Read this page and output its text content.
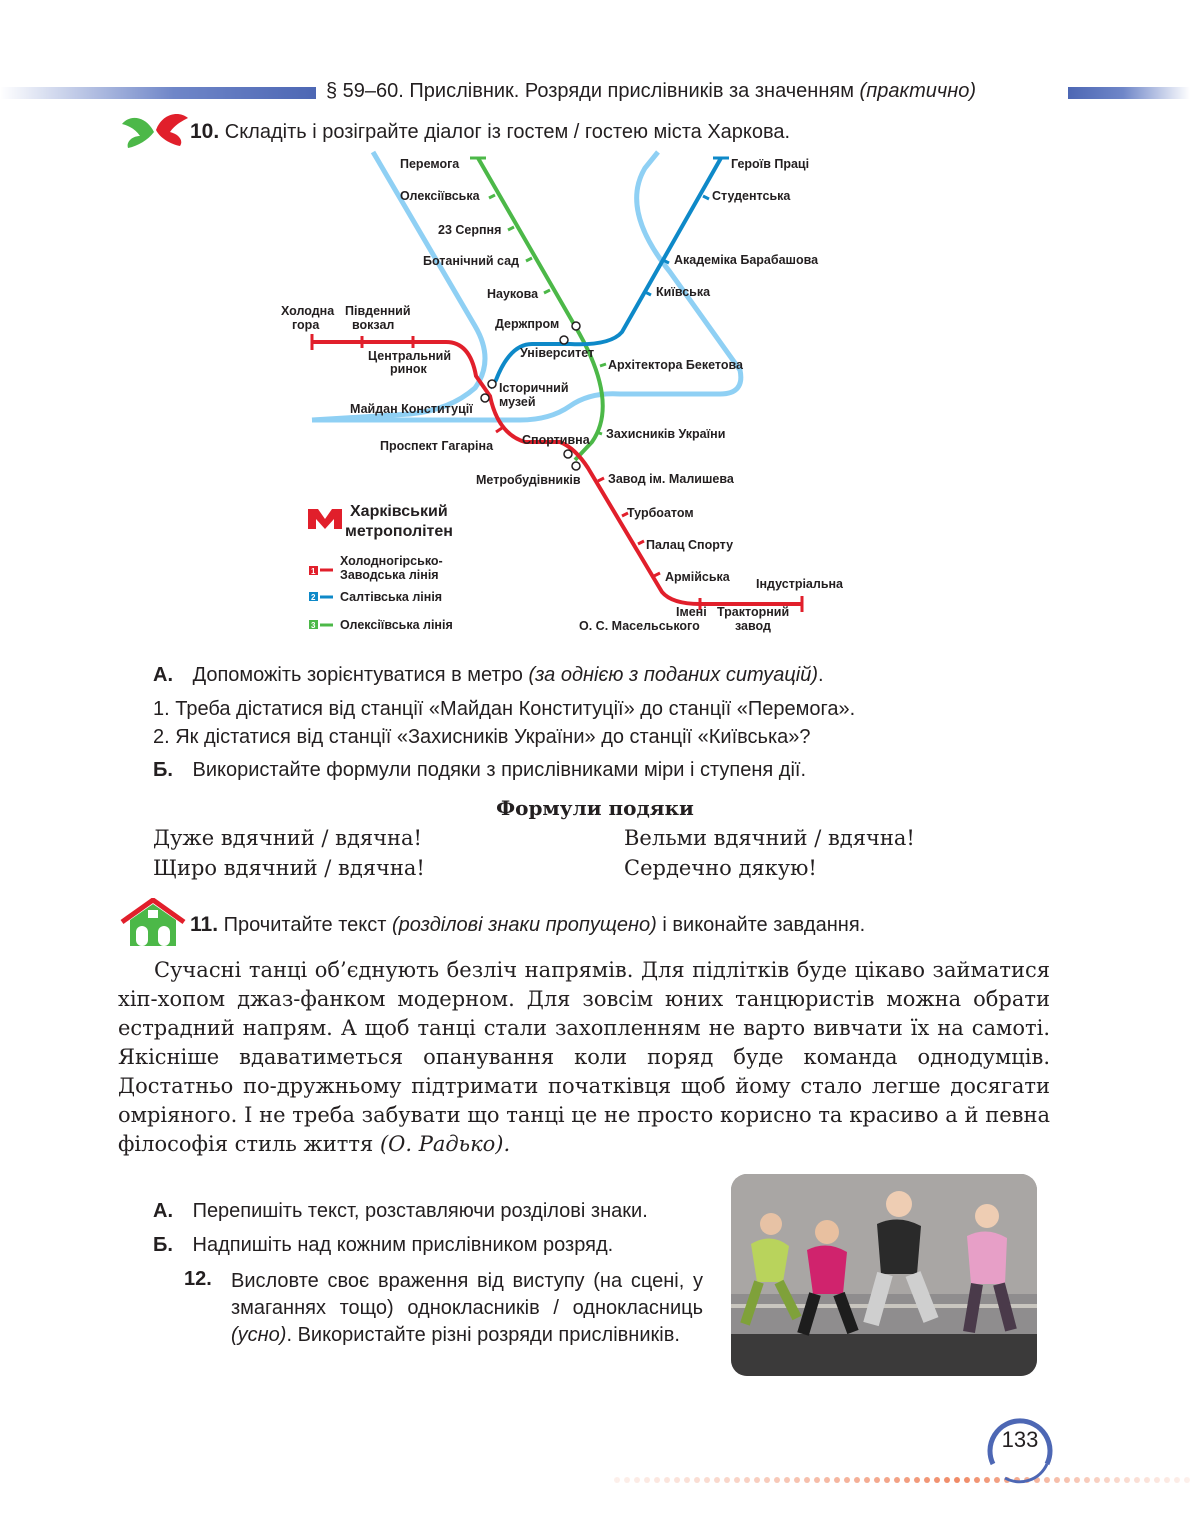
§ 59–60. Прислівник. Розряди прислівників за значенням (практично)
10. Складіть і розіграйте діалог із гостем / гостею міста Харкова.
Перемога
Олексіївська
23 Серпня
Ботанічний сад
Наукова
Держпром
Архітектора Бекетова
Захисників України
Метробудівників
Героїв Праці
Студентська
Академіка Барабашова
Київська
Університет
Історичний
музей
Холодна
гора
Південний
вокзал
Центральний
ринок
Майдан Конституції
Проспект Гагаріна Спортивна
Завод ім. Малишева
Турбоатом
Палац Спорту
Армійська
Імені
О. С. Масельського
Тракторний
завод
Індустріальна
Харківський
метрополітен
1
Холодногірсько-
Заводська лінія
2 Салтівська лінія
3 Олексіївська лінія
А. Допоможіть зорієнтуватися в метро (за однією з поданих ситуацій).
1. Треба дістатися від станції «Майдан Конституції» до станції «Перемога».
2. Як дістатися від станції «Захисників України» до станції «Київська»?
Б. Використайте формули подяки з прислівниками міри і ступеня дії.
Формули подяки
Дуже вдячний / вдячна!	Вельми вдячний / вдячна!
Щиро вдячний / вдячна!	Сердечно дякую!
11. Прочитайте текст (розділові знаки пропущено) і виконайте завдання.
Сучасні танці об’єднують безліч напрямів. Для підлітків буде цікаво займатися хіп-хопом джаз-фанком модерном. Для зовсім юних танцюристів можна обрати естрадний напрям. А щоб танці стали захопленням не варто вивчати їх на самоті. Якісніше вдаватиметься опанування коли поряд буде команда однодумців. Достатньо по-дружньому підтримати початківця щоб йому стало легше досягати омріяного. І не треба забувати що танці це не просто корисно та красиво а й певна філософія стиль життя (О. Радько).
А. Перепишіть текст, розставляючи розділові знаки.
Б. Надпишіть над кожним прислівником розряд.
12. Висловте своє враження від виступу (на сцені, у змаганнях тощо) однокласників / однокласниць (усно). Використайте різні розряди прислівників.
133
